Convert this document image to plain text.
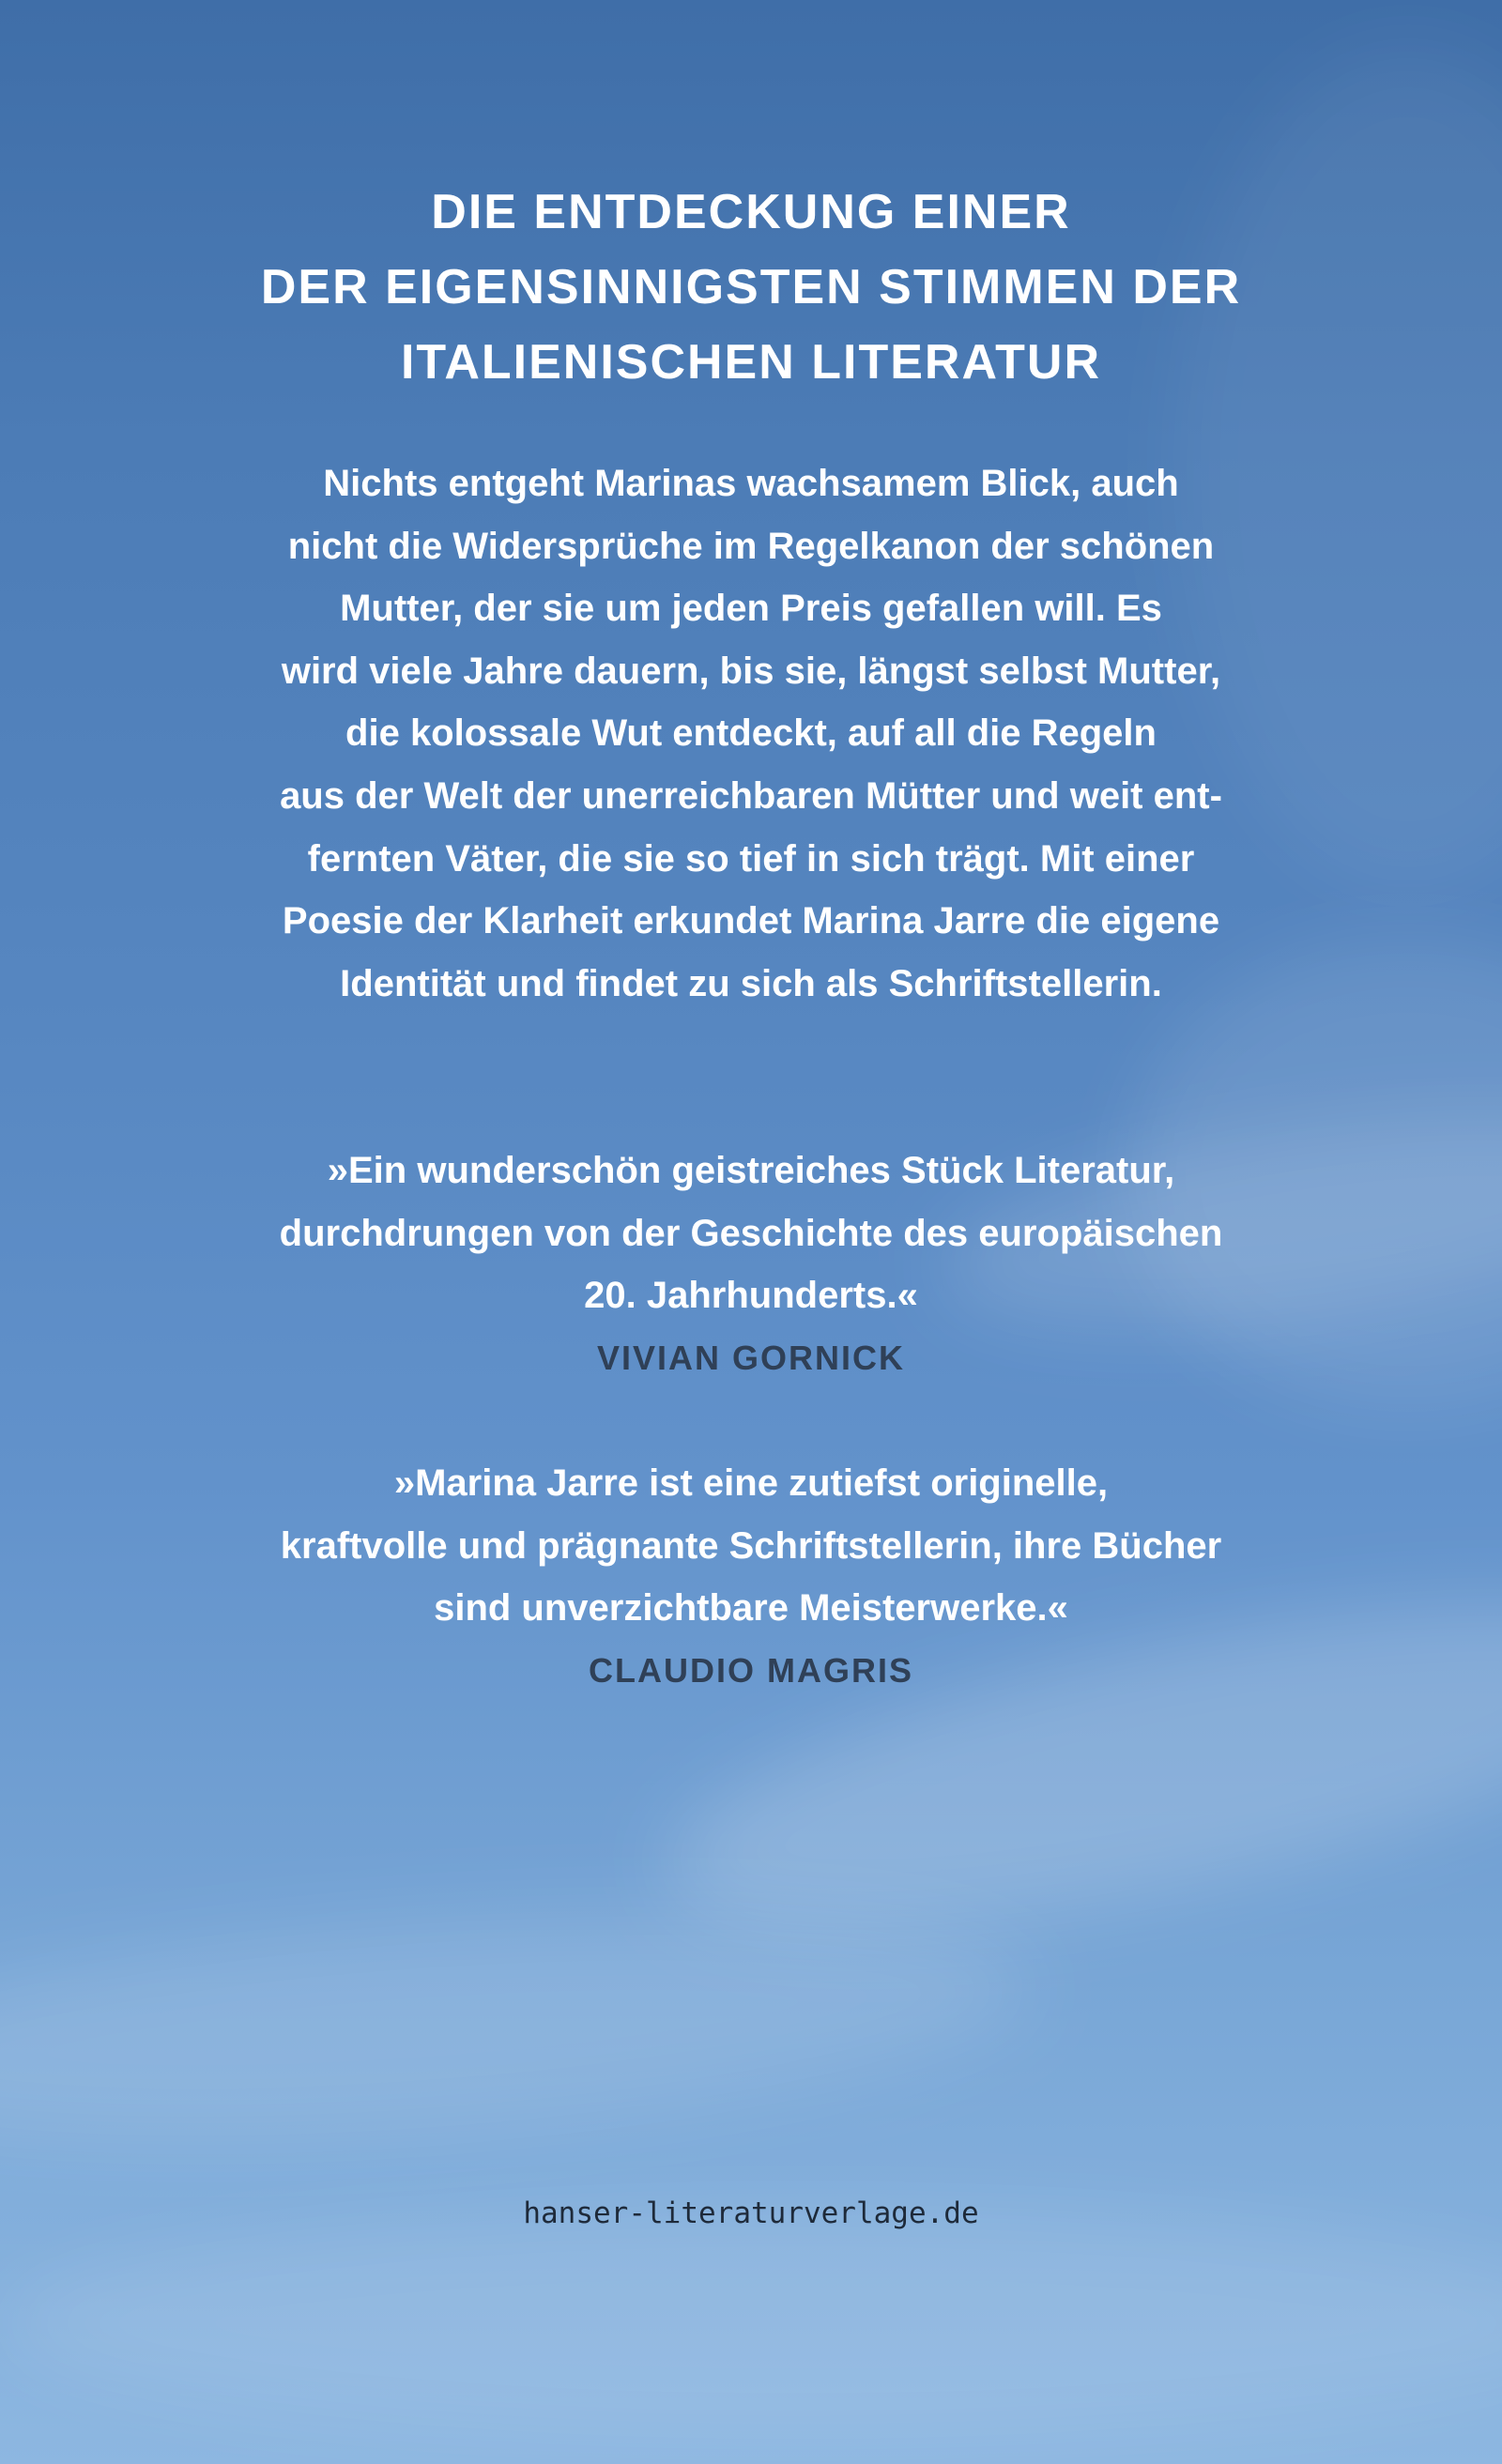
DIE ENTDECKUNG EINER
DER EIGENSINNIGSTEN STIMMEN DER
ITALIENISCHEN LITERATUR

Nichts entgeht Marinas wachsamem Blick, auch
nicht die Widersprüche im Regelkanon der schönen
Mutter, der sie um jeden Preis gefallen will. Es
wird viele Jahre dauern, bis sie, längst selbst Mutter,
die kolossale Wut entdeckt, auf all die Regeln
aus der Welt der unerreichbaren Mütter und weit ent-
fernten Väter, die sie so tief in sich trägt. Mit einer
Poesie der Klarheit erkundet Marina Jarre die eigene
Identität und findet zu sich als Schriftstellerin.

»Ein wunderschön geistreiches Stück Literatur,
durchdrungen von der Geschichte des europäischen
20. Jahrhunderts.«
VIVIAN GORNICK
»Marina Jarre ist eine zutiefst originelle,
kraftvolle und prägnante Schriftstellerin, ihre Bücher
sind unverzichtbare Meisterwerke.«
CLAUDIO MAGRIS
hanser-literaturverlage.de
